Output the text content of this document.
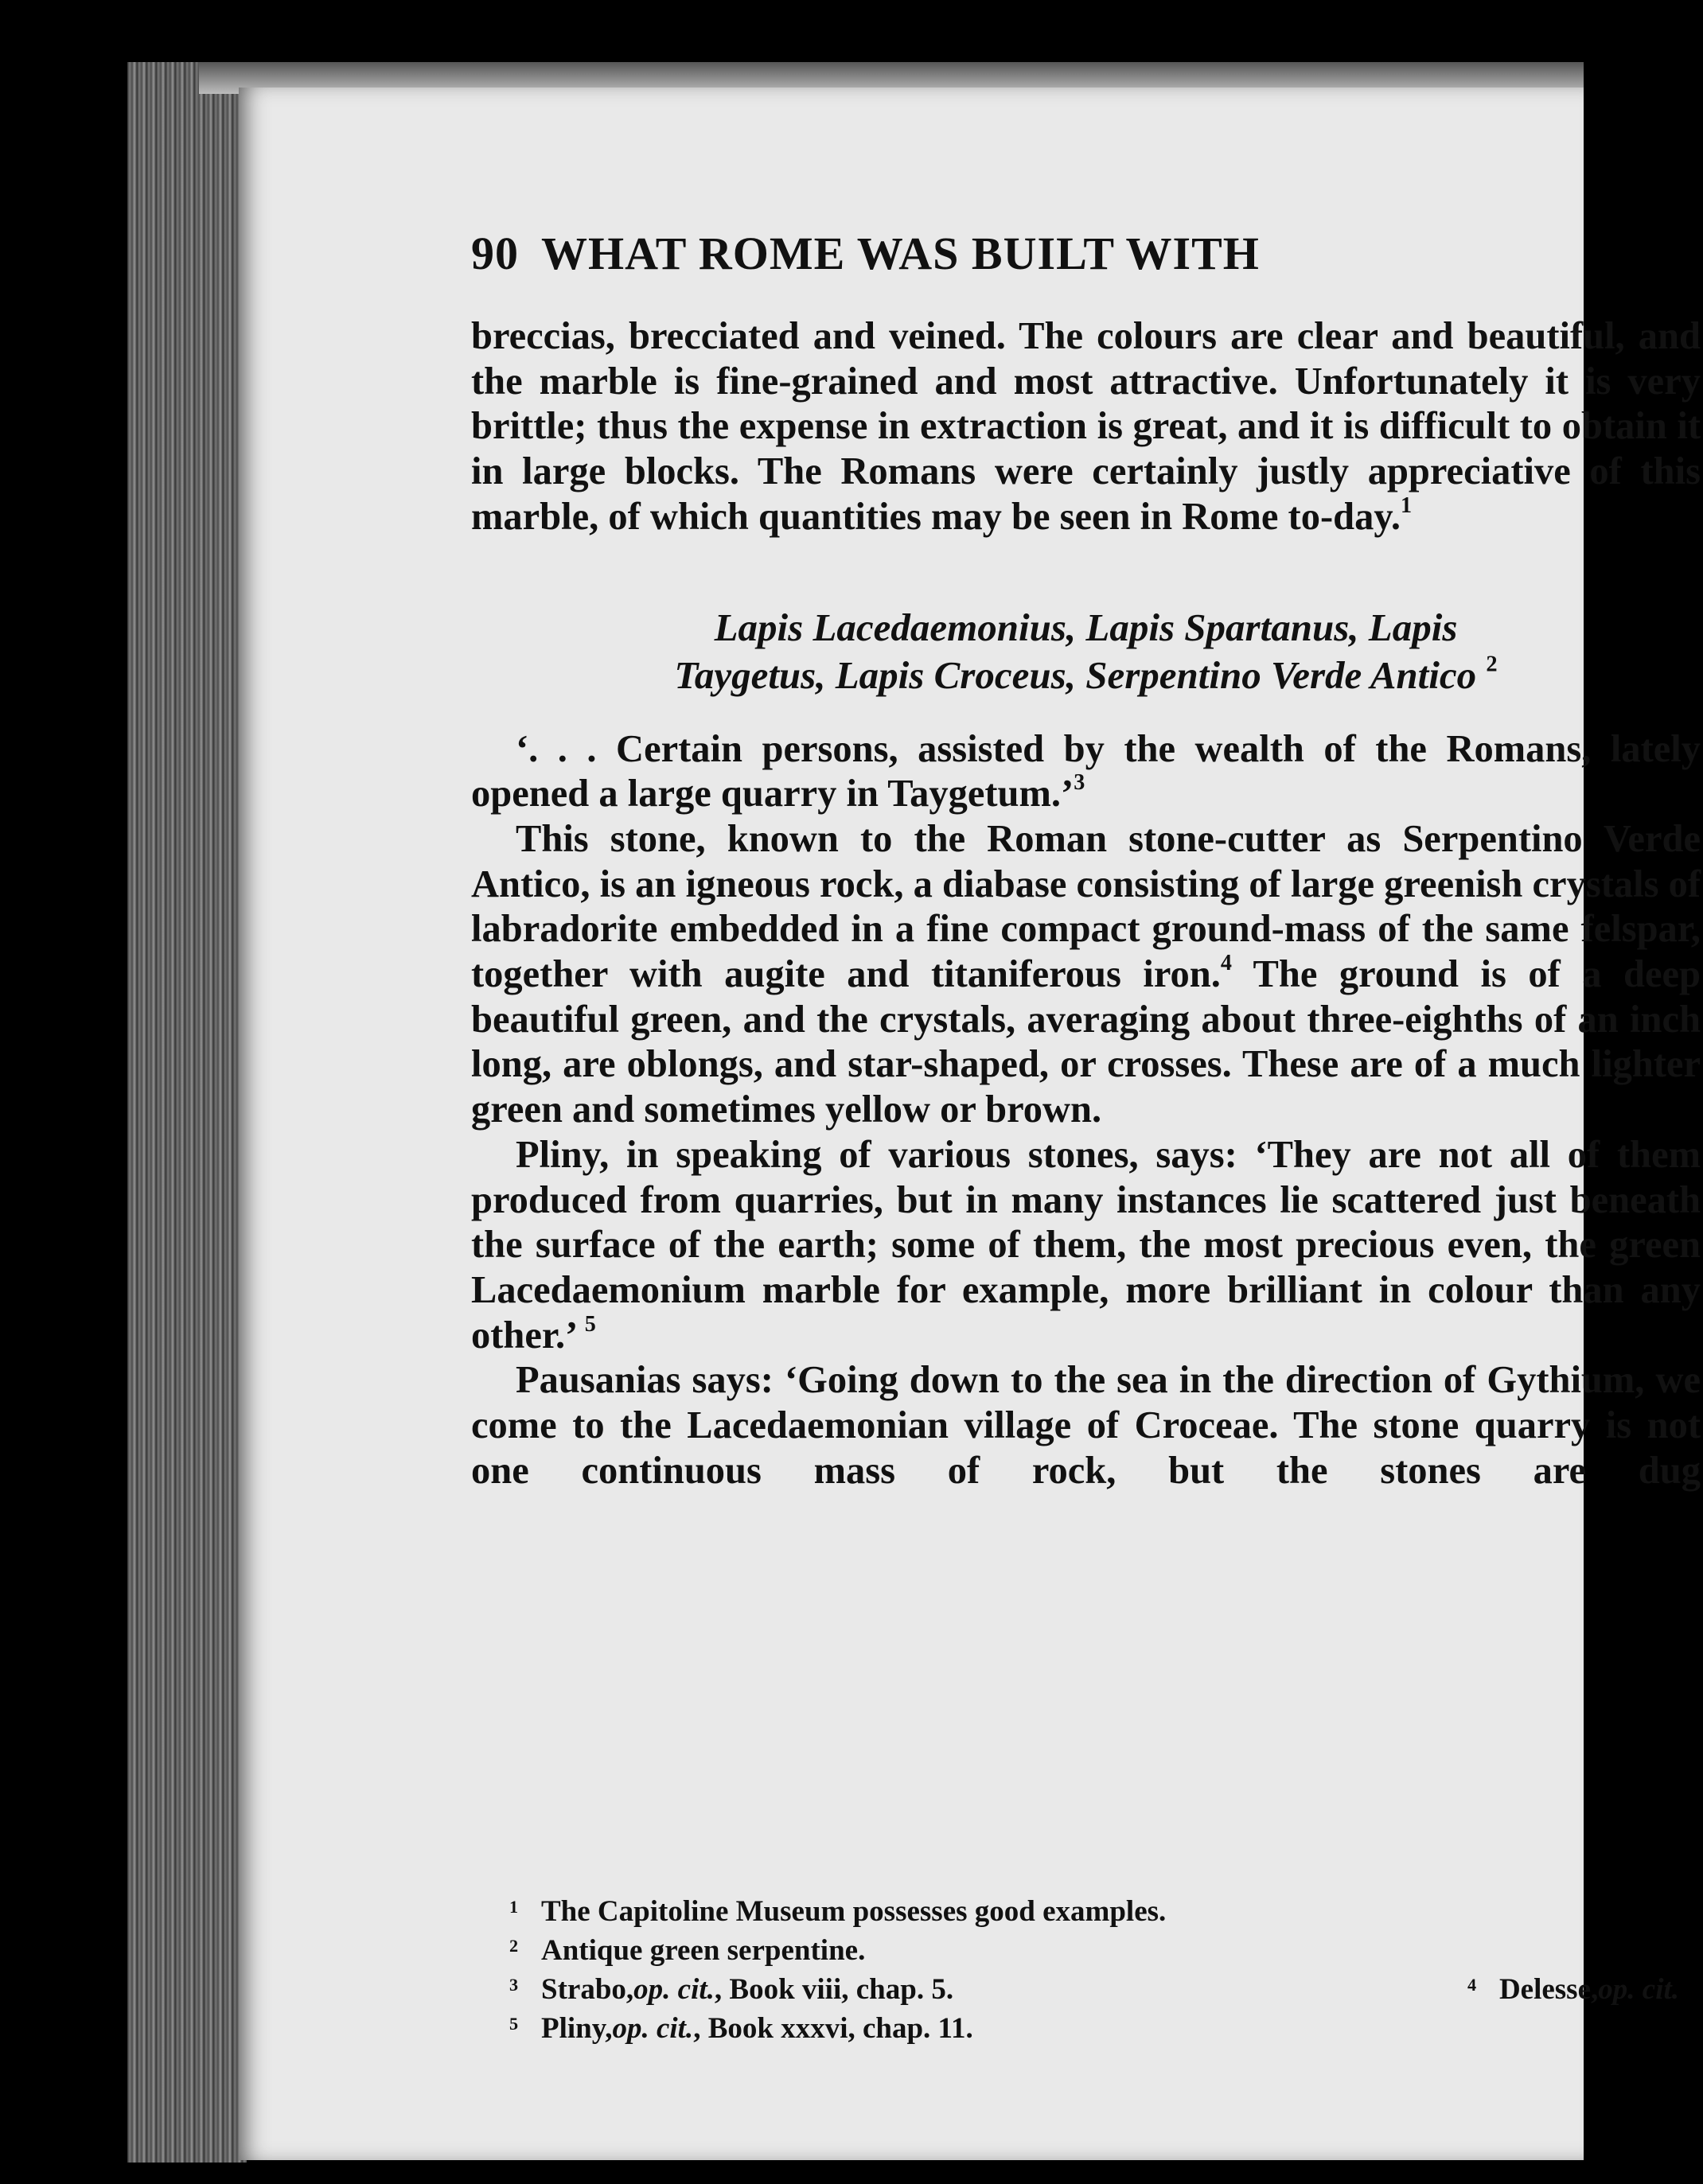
90 WHAT ROME WAS BUILT WITH

breccias, brecciated and veined. The colours are clear and beautiful, and the marble is fine-grained and most attractive. Unfortunately it is very brittle; thus the expense in extraction is great, and it is difficult to obtain it in large blocks. The Romans were certainly justly appreciative of this marble, of which quantities may be seen in Rome to-day.$^1$

Lapis Lacedaemonius, Lapis Spartanus, Lapis
Taygetus, Lapis Croceus, Serpentino Verde Antico $^2$

‘. . . Certain persons, assisted by the wealth of the Romans, lately opened a large quarry in Taygetum.’$^3$

This stone, known to the Roman stone-cutter as Serpentino Verde Antico, is an igneous rock, a diabase consisting of large greenish crystals of labradorite embedded in a fine compact ground-mass of the same felspar, together with augite and titaniferous iron.$^4$ The ground is of a deep beautiful green, and the crystals, averaging about three-eighths of an inch long, are oblongs, and star-shaped, or crosses. These are of a much lighter green and sometimes yellow or brown.

Pliny, in speaking of various stones, says: ‘They are not all of them produced from quarries, but in many instances lie scattered just beneath the surface of the earth; some of them, the most precious even, the green Lacedaemonium marble for example, more brilliant in colour than any other.’ $^5$

Pausanias says: ‘Going down to the sea in the direction of Gythium, we come to the Lacedaemonian village of Croceae. The stone quarry is not one continuous mass of rock, but the stones are dug

1 The Capitoline Museum possesses good examples.
2 Antique green serpentine.
3 Strabo, op. cit. , Book viii, chap. 5.	4 Delesse, op. cit.
5 Pliny, op. cit. , Book xxxvi, chap. 11.
